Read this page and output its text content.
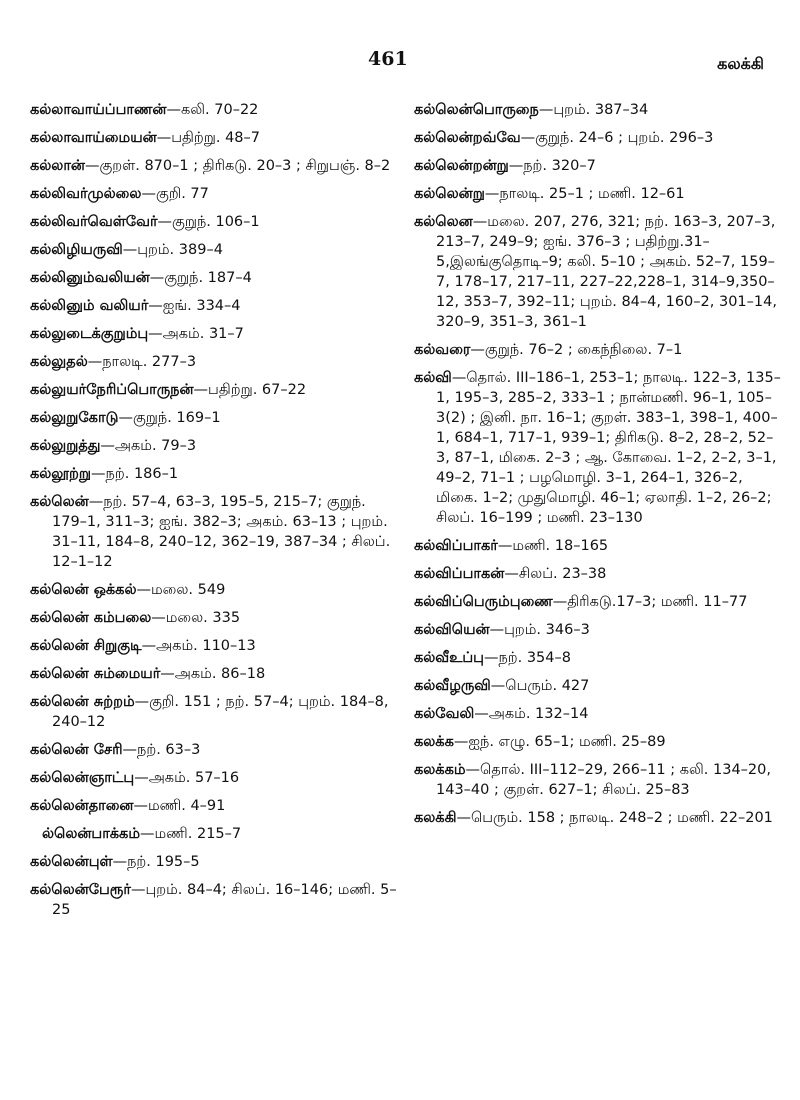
461	கலக்கி

கல்லாவாய்ப்பாணன்—கலி. 70–22

கல்லாவாய்மையன்—பதிற்று. 48–7

கல்லான்—குறள். 870–1 ; திரிகடு. 20–3 ; சிறுபஞ். 8–2

கல்லிவர்முல்லை—குறி. 77

கல்லிவர்வெள்வேர்—குறுந். 106–1

கல்லிழியருவி—புறம். 389–4

கல்லினும்வலியன்—குறுந். 187–4

கல்லினும் வலியர்—ஐங். 334–4

கல்லுடைக்குறும்பு—அகம். 31–7

கல்லுதல்—நாலடி. 277–3

கல்லுயர்நேரிப்பொருநன்—பதிற்று. 67–22

கல்லுறுகோடு—குறுந். 169–1

கல்லுறுத்து—அகம். 79–3

கல்லூற்று—நற். 186–1

கல்லென்—நற். 57–4, 63–3, 195–5, 215–7; குறுந். 179–1, 311–3; ஐங். 382–3; அகம். 63–13 ; புறம். 31–11, 184–8, 240–12, 362–19, 387–34 ; சிலப். 12–1–12

கல்லென் ஒக்கல்—மலை. 549

கல்லென் கம்பலை—மலை. 335

கல்லென் சிறுகுடி—அகம். 110–13

கல்லென் சும்மையர்—அகம். 86–18

கல்லென் சுற்றம்—குறி. 151 ; நற். 57–4; புறம். 184–8, 240–12

கல்லென் சேரி—நற். 63–3

கல்லென்ஞாட்பு—அகம். 57–16

கல்லென்தானை—மணி. 4–91

ல்லென்பாக்கம்—மணி. 215–7

கல்லென்புள்—நற். 195–5

கல்லென்பேரூர்—புறம். 84–4; சிலப். 16–146; மணி. 5–25

கல்லென்பொருநை—புறம். 387–34

கல்லென்றவ்வே—குறுந். 24–6 ; புறம். 296–3

கல்லென்றன்று—நற். 320–7

கல்லென்று—நாலடி. 25–1 ; மணி. 12–61

கல்லென—மலை. 207, 276, 321; நற். 163–3, 207–3, 213–7, 249–9; ஐங். 376–3 ; பதிற்று.31–5,இலங்குதொடி–9; கலி. 5–10 ; அகம். 52–7, 159–7, 178–17, 217–11, 227–22,228–1, 314–9,350–12, 353–7, 392–11; புறம். 84–4, 160–2, 301–14, 320–9, 351–3, 361–1

கல்வரை—குறுந். 76–2 ; கைந்நிலை. 7–1

கல்வி—தொல். III–186–1, 253–1; நாலடி. 122–3, 135–1, 195–3, 285–2, 333–1 ; நான்மணி. 96–1, 105–3(2) ; இனி. நா. 16–1; குறள். 383–1, 398–1, 400–1, 684–1, 717–1, 939–1; திரிகடு. 8–2, 28–2, 52–3, 87–1, மிகை. 2–3 ; ஆ. கோவை. 1–2, 2–2, 3–1, 49–2, 71–1 ; பழமொழி. 3–1, 264–1, 326–2, மிகை. 1–2; முதுமொழி. 46–1; ஏலாதி. 1–2, 26–2; சிலப். 16–199 ; மணி. 23–130

கல்விப்பாகர்—மணி. 18–165

கல்விப்பாகன்—சிலப். 23–38

கல்விப்பெரும்புணை—திரிகடு.17–3; மணி. 11–77

கல்வியென்—புறம். 346–3

கல்வீஉப்பு—நற். 354–8

கல்வீழருவி—பெரும். 427

கல்வேலி—அகம். 132–14

கலக்க—ஐந். எழு. 65–1; மணி. 25–89

கலக்கம்—தொல். III–112–29, 266–11 ; கலி. 134–20, 143–40 ; குறள். 627–1; சிலப். 25–83

கலக்கி—பெரும். 158 ; நாலடி. 248–2 ; மணி. 22–201
